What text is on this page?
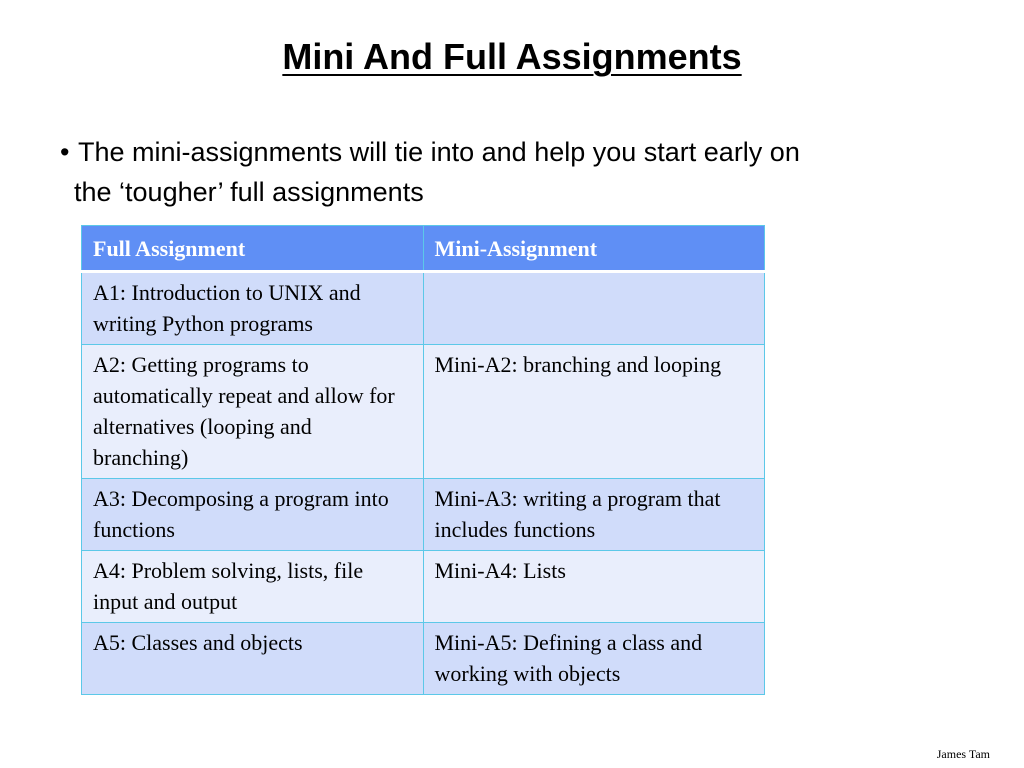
Mini And Full Assignments
• The mini-assignments will tie into and help you start early on
the ‘tougher’ full assignments
Full Assignment	Mini-Assignment
A1: Introduction to UNIX and writing Python programs	
A2: Getting programs to automatically repeat and allow for alternatives (looping and branching)	Mini-A2: branching and looping
A3: Decomposing a program into functions	Mini-A3: writing a program that includes functions
A4: Problem solving, lists, file input and output	Mini-A4: Lists
A5: Classes and objects	Mini-A5: Defining a class and working with objects
James Tam
